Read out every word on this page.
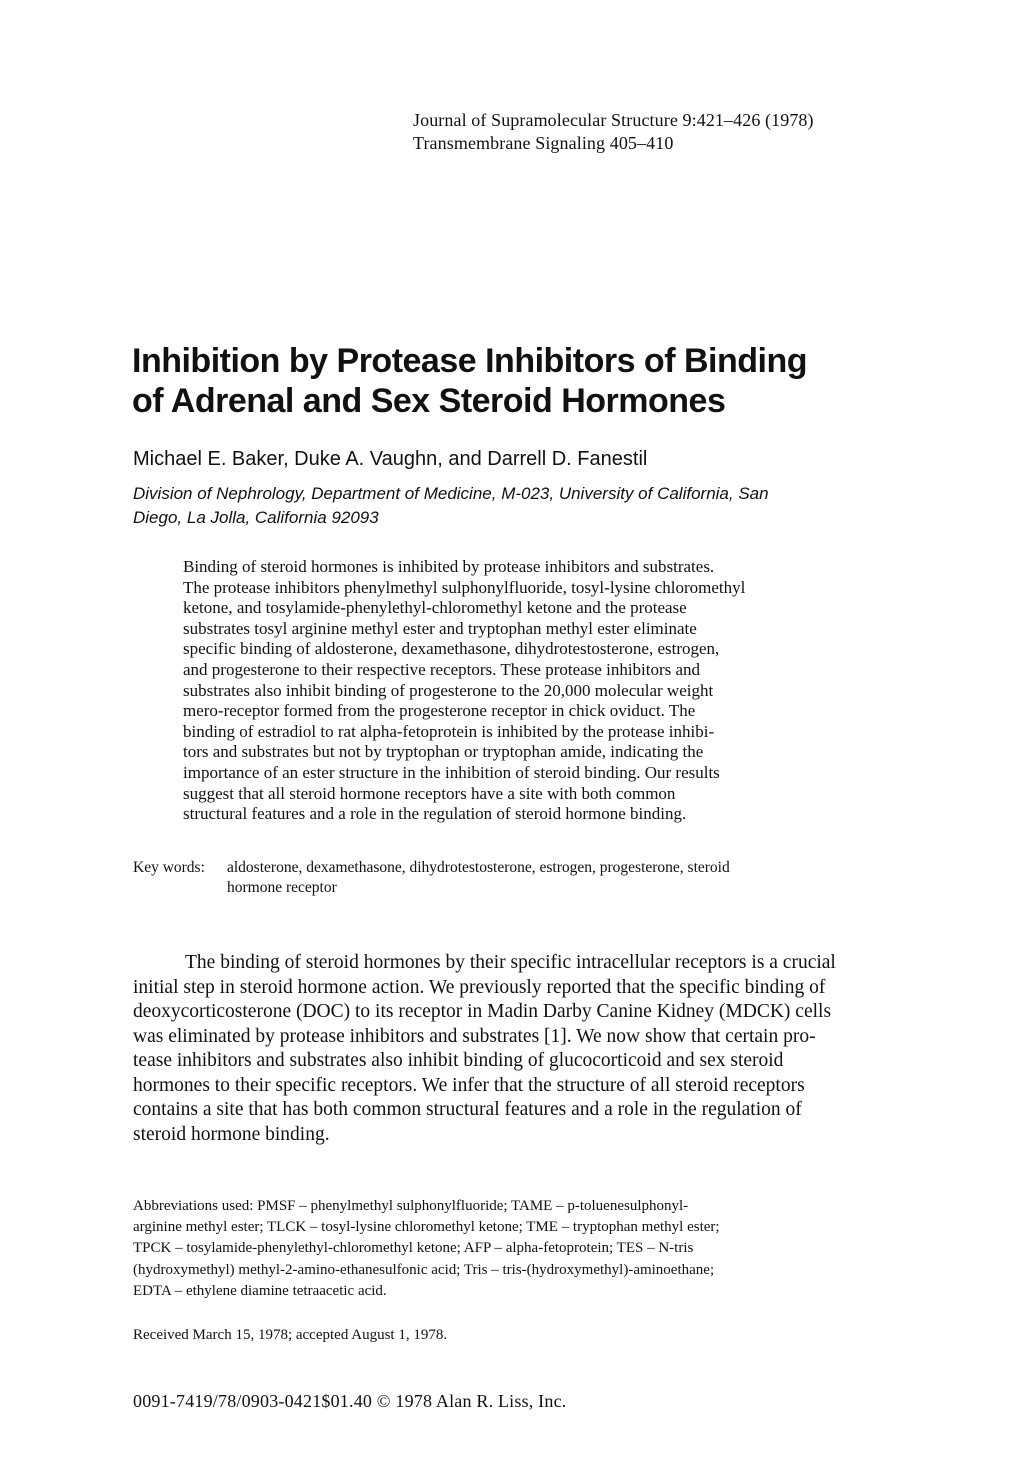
Journal of Supramolecular Structure 9:421–426 (1978)
Transmembrane Signaling 405–410
Inhibition by Protease Inhibitors of Binding
of Adrenal and Sex Steroid Hormones
Michael E. Baker, Duke A. Vaughn, and Darrell D. Fanestil
Division of Nephrology, Department of Medicine, M-023, University of California, San
Diego, La Jolla, California 92093
Binding of steroid hormones is inhibited by protease inhibitors and substrates.
The protease inhibitors phenylmethyl sulphonylfluoride, tosyl-lysine chloromethyl
ketone, and tosylamide-phenylethyl-chloromethyl ketone and the protease
substrates tosyl arginine methyl ester and tryptophan methyl ester eliminate
specific binding of aldosterone, dexamethasone, dihydrotestosterone, estrogen,
and progesterone to their respective receptors. These protease inhibitors and
substrates also inhibit binding of progesterone to the 20,000 molecular weight
mero-receptor formed from the progesterone receptor in chick oviduct. The
binding of estradiol to rat alpha-fetoprotein is inhibited by the protease inhibi-
tors and substrates but not by tryptophan or tryptophan amide, indicating the
importance of an ester structure in the inhibition of steroid binding. Our results
suggest that all steroid hormone receptors have a site with both common
structural features and a role in the regulation of steroid hormone binding.
Key words: aldosterone, dexamethasone, dihydrotestosterone, estrogen, progesterone, steroid
hormone receptor
The binding of steroid hormones by their specific intracellular receptors is a crucial
initial step in steroid hormone action. We previously reported that the specific binding of
deoxycorticosterone (DOC) to its receptor in Madin Darby Canine Kidney (MDCK) cells
was eliminated by protease inhibitors and substrates [1]. We now show that certain pro-
tease inhibitors and substrates also inhibit binding of glucocorticoid and sex steroid
hormones to their specific receptors. We infer that the structure of all steroid receptors
contains a site that has both common structural features and a role in the regulation of
steroid hormone binding.
Abbreviations used: PMSF – phenylmethyl sulphonylfluoride; TAME – p-toluenesulphonyl-
arginine methyl ester; TLCK – tosyl-lysine chloromethyl ketone; TME – tryptophan methyl ester;
TPCK – tosylamide-phenylethyl-chloromethyl ketone; AFP – alpha-fetoprotein; TES – N-tris
(hydroxymethyl) methyl-2-amino-ethanesulfonic acid; Tris – tris-(hydroxymethyl)-aminoethane;
EDTA – ethylene diamine tetraacetic acid.
Received March 15, 1978; accepted August 1, 1978.
0091-7419/78/0903-0421$01.40 © 1978 Alan R. Liss, Inc.
